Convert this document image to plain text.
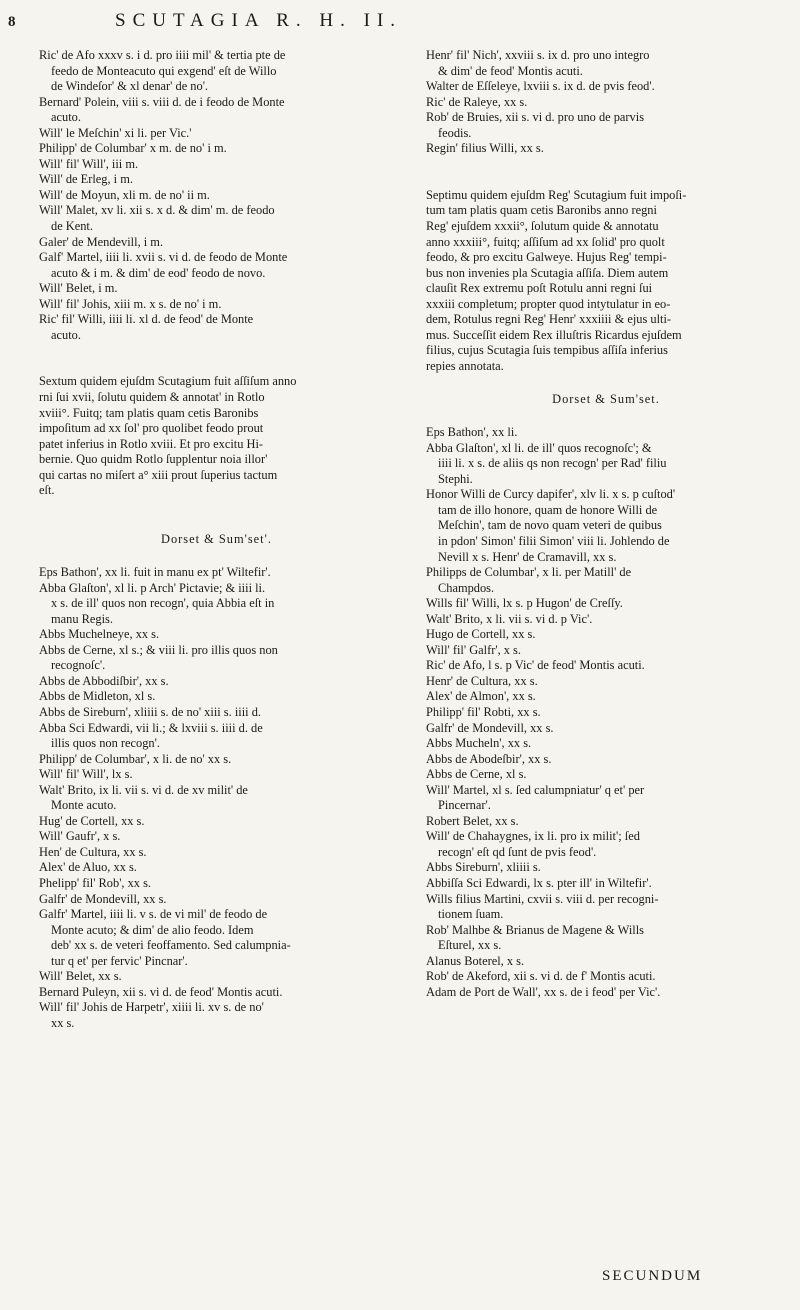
8	SCUTAGIA R. H. II.
Ric' de Afo xxxv s. i d. pro iiii mil' & tertia pte de
feedo de Monteacuto qui exgend' eſt de Willo
de Windeſor' & xl denar' de no'.
Bernard' Polein, viii s. viii d. de i feodo de Monte
acuto.
Will' le Meſchin' xi li. per Vic.'
Philipp' de Columbar' x m. de no' i m.
Will' fil' Will', iii m.
Will' de Erleg, i m.
Will' de Moyun, xli m. de no' ii m.
Will' Malet, xv li. xii s. x d. & dim' m. de feodo
de Kent.
Galer' de Mendevill, i m.
Galf' Martel, iiii li. xvii s. vi d. de feodo de Monte
acuto & i m. & dim' de eod' feodo de novo.
Will' Belet, i m.
Will' fil' Johis, xiii m. x s. de no' i m.
Ric' fil' Willi, iiii li. xl d. de feod' de Monte
acuto.
Sextum quidem ejuſdm Scutagium fuit aſſiſum anno
rni ſui xvii, ſolutu quidem & annotat' in Rotlo
xviii°. Fuitq; tam platis quam cetis Baronibs
impoſitum ad xx ſol' pro quolibet feodo prout
patet inferius in Rotlo xviii. Et pro excitu Hi-
bernie. Quo quidm Rotlo ſupplentur noia illor'
qui cartas no miſert a° xiii prout ſuperius tactum
eſt.
Dorset & Sum'set'.
Eps Bathon', xx li. fuit in manu ex pt' Wiltefir'.
Abba Glaſton', xl li. p Arch' Pictavie; & iiii li.
x s. de ill' quos non recogn', quia Abbia eſt in
manu Regis.
Abbs Muchelneye, xx s.
Abbs de Cerne, xl s.; & viii li. pro illis quos non
recognoſc'.
Abbs de Abbodiſbir', xx s.
Abbs de Midleton, xl s.
Abbs de Sireburn', xliiii s. de no' xiii s. iiii d.
Abba Sci Edwardi, vii li.; & lxviii s. iiii d. de
illis quos non recogn'.
Philipp' de Columbar', x li. de no' xx s.
Will' fil' Will', lx s.
Walt' Brito, ix li. vii s. vi d. de xv milit' de
Monte acuto.
Hug' de Cortell, xx s.
Will' Gaufr', x s.
Hen' de Cultura, xx s.
Alex' de Aluo, xx s.
Phelipp' fil' Rob', xx s.
Galfr' de Mondevill, xx s.
Galfr' Martel, iiii li. v s. de vi mil' de feodo de
Monte acuto; & dim' de alio feodo. Idem
deb' xx s. de veteri feoffamento. Sed calumpnia-
tur q et' per fervic' Pincnar'.
Will' Belet, xx s.
Bernard Puleyn, xii s. vi d. de feod' Montis acuti.
Will' fil' Johis de Harpetr', xiiii li. xv s. de no'
xx s.
Henr' fil' Nich', xxviii s. ix d. pro uno integro
& dim' de feod' Montis acuti.
Walter de Eſſeleye, lxviii s. ix d. de pvis feod'.
Ric' de Raleye, xx s.
Rob' de Bruies, xii s. vi d. pro uno de parvis
feodis.
Regin' filius Willi, xx s.
Septimu quidem ejuſdm Reg' Scutagium fuit impoſi-
tum tam platis quam cetis Baronibs anno regni
Reg' ejuſdem xxxii°, ſolutum quide & annotatu
anno xxxiii°, fuitq; aſſiſum ad xx ſolid' pro quolt
feodo, & pro excitu Galweye. Hujus Reg' tempi-
bus non invenies pla Scutagia aſſiſa. Diem autem
clauſit Rex extremu poſt Rotulu anni regni ſui
xxxiii completum; propter quod intytulatur in eo-
dem, Rotulus regni Reg' Henr' xxxiiii & ejus ulti-
mus. Succeſſit eidem Rex illuſtris Ricardus ejuſdem
filius, cujus Scutagia ſuis tempibus aſſiſa inferius
repies annotata.
Dorset & Sum'set.
Eps Bathon', xx li.
Abba Glaſton', xl li. de ill' quos recognoſc'; &
iiii li. x s. de aliis qs non recogn' per Rad' filiu
Stephi.
Honor Willi de Curcy dapifer', xlv li. x s. p cuſtod'
tam de illo honore, quam de honore Willi de
Meſchin', tam de novo quam veteri de quibus
in pdon' Simon' filii Simon' viii li. Johlendo de
Nevill x s. Henr' de Cramavill, xx s.
Philipps de Columbar', x li. per Matill' de
Champdos.
Wills fil' Willi, lx s. p Hugon' de Creſſy.
Walt' Brito, x li. vii s. vi d. p Vic'.
Hugo de Cortell, xx s.
Will' fil' Galfr', x s.
Ric' de Afo, l s. p Vic' de feod' Montis acuti.
Henr' de Cultura, xx s.
Alex' de Almon', xx s.
Philipp' fil' Robti, xx s.
Galfr' de Mondevill, xx s.
Abbs Mucheln', xx s.
Abbs de Abodeſbir', xx s.
Abbs de Cerne, xl s.
Will' Martel, xl s. ſed calumpniatur' q et' per
Pincernar'.
Robert Belet, xx s.
Will' de Chahaygnes, ix li. pro ix milit'; ſed
recogn' eſt qd ſunt de pvis feod'.
Abbs Sireburn', xliiii s.
Abbiſſa Sci Edwardi, lx s. pter ill' in Wiltefir'.
Wills filius Martini, cxvii s. viii d. per recogni-
tionem ſuam.
Rob' Malhbe & Brianus de Magene & Wills
Eſturel, xx s.
Alanus Boterel, x s.
Rob' de Akeford, xii s. vi d. de f' Montis acuti.
Adam de Port de Wall', xx s. de i feod' per Vic'.
SECUNDUM
